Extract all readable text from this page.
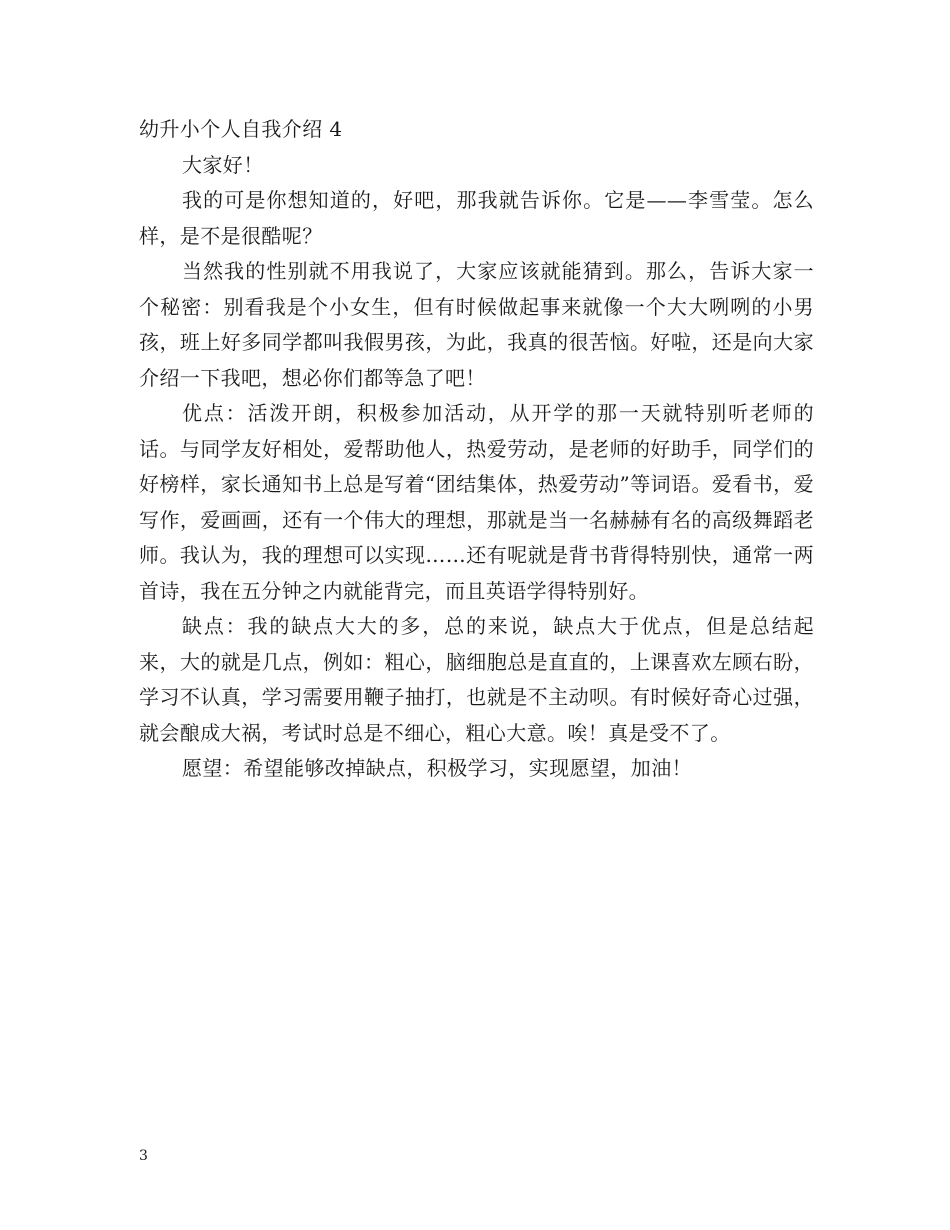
幼升小个人自我介绍 4

大家好！

我的可是你想知道的，好吧，那我就告诉你。它是——李雪莹。怎么样，是不是很酷呢？

当然我的性别就不用我说了，大家应该就能猜到。那么，告诉大家一个秘密：别看我是个小女生，但有时候做起事来就像一个大大咧咧的小男孩，班上好多同学都叫我假男孩，为此，我真的很苦恼。好啦，还是向大家介绍一下我吧，想必你们都等急了吧！

优点：活泼开朗，积极参加活动，从开学的那一天就特别听老师的话。与同学友好相处，爱帮助他人，热爱劳动，是老师的好助手，同学们的好榜样，家长通知书上总是写着“团结集体，热爱劳动”等词语。爱看书，爱写作，爱画画，还有一个伟大的理想，那就是当一名赫赫有名的高级舞蹈老师。我认为，我的理想可以实现……还有呢就是背书背得特别快，通常一两首诗，我在五分钟之内就能背完，而且英语学得特别好。

缺点：我的缺点大大的多，总的来说，缺点大于优点，但是总结起来，大的就是几点，例如：粗心，脑细胞总是直直的，上课喜欢左顾右盼，学习不认真，学习需要用鞭子抽打，也就是不主动呗。有时候好奇心过强，就会酿成大祸，考试时总是不细心，粗心大意。唉！真是受不了。

愿望：希望能够改掉缺点，积极学习，实现愿望，加油！

3
